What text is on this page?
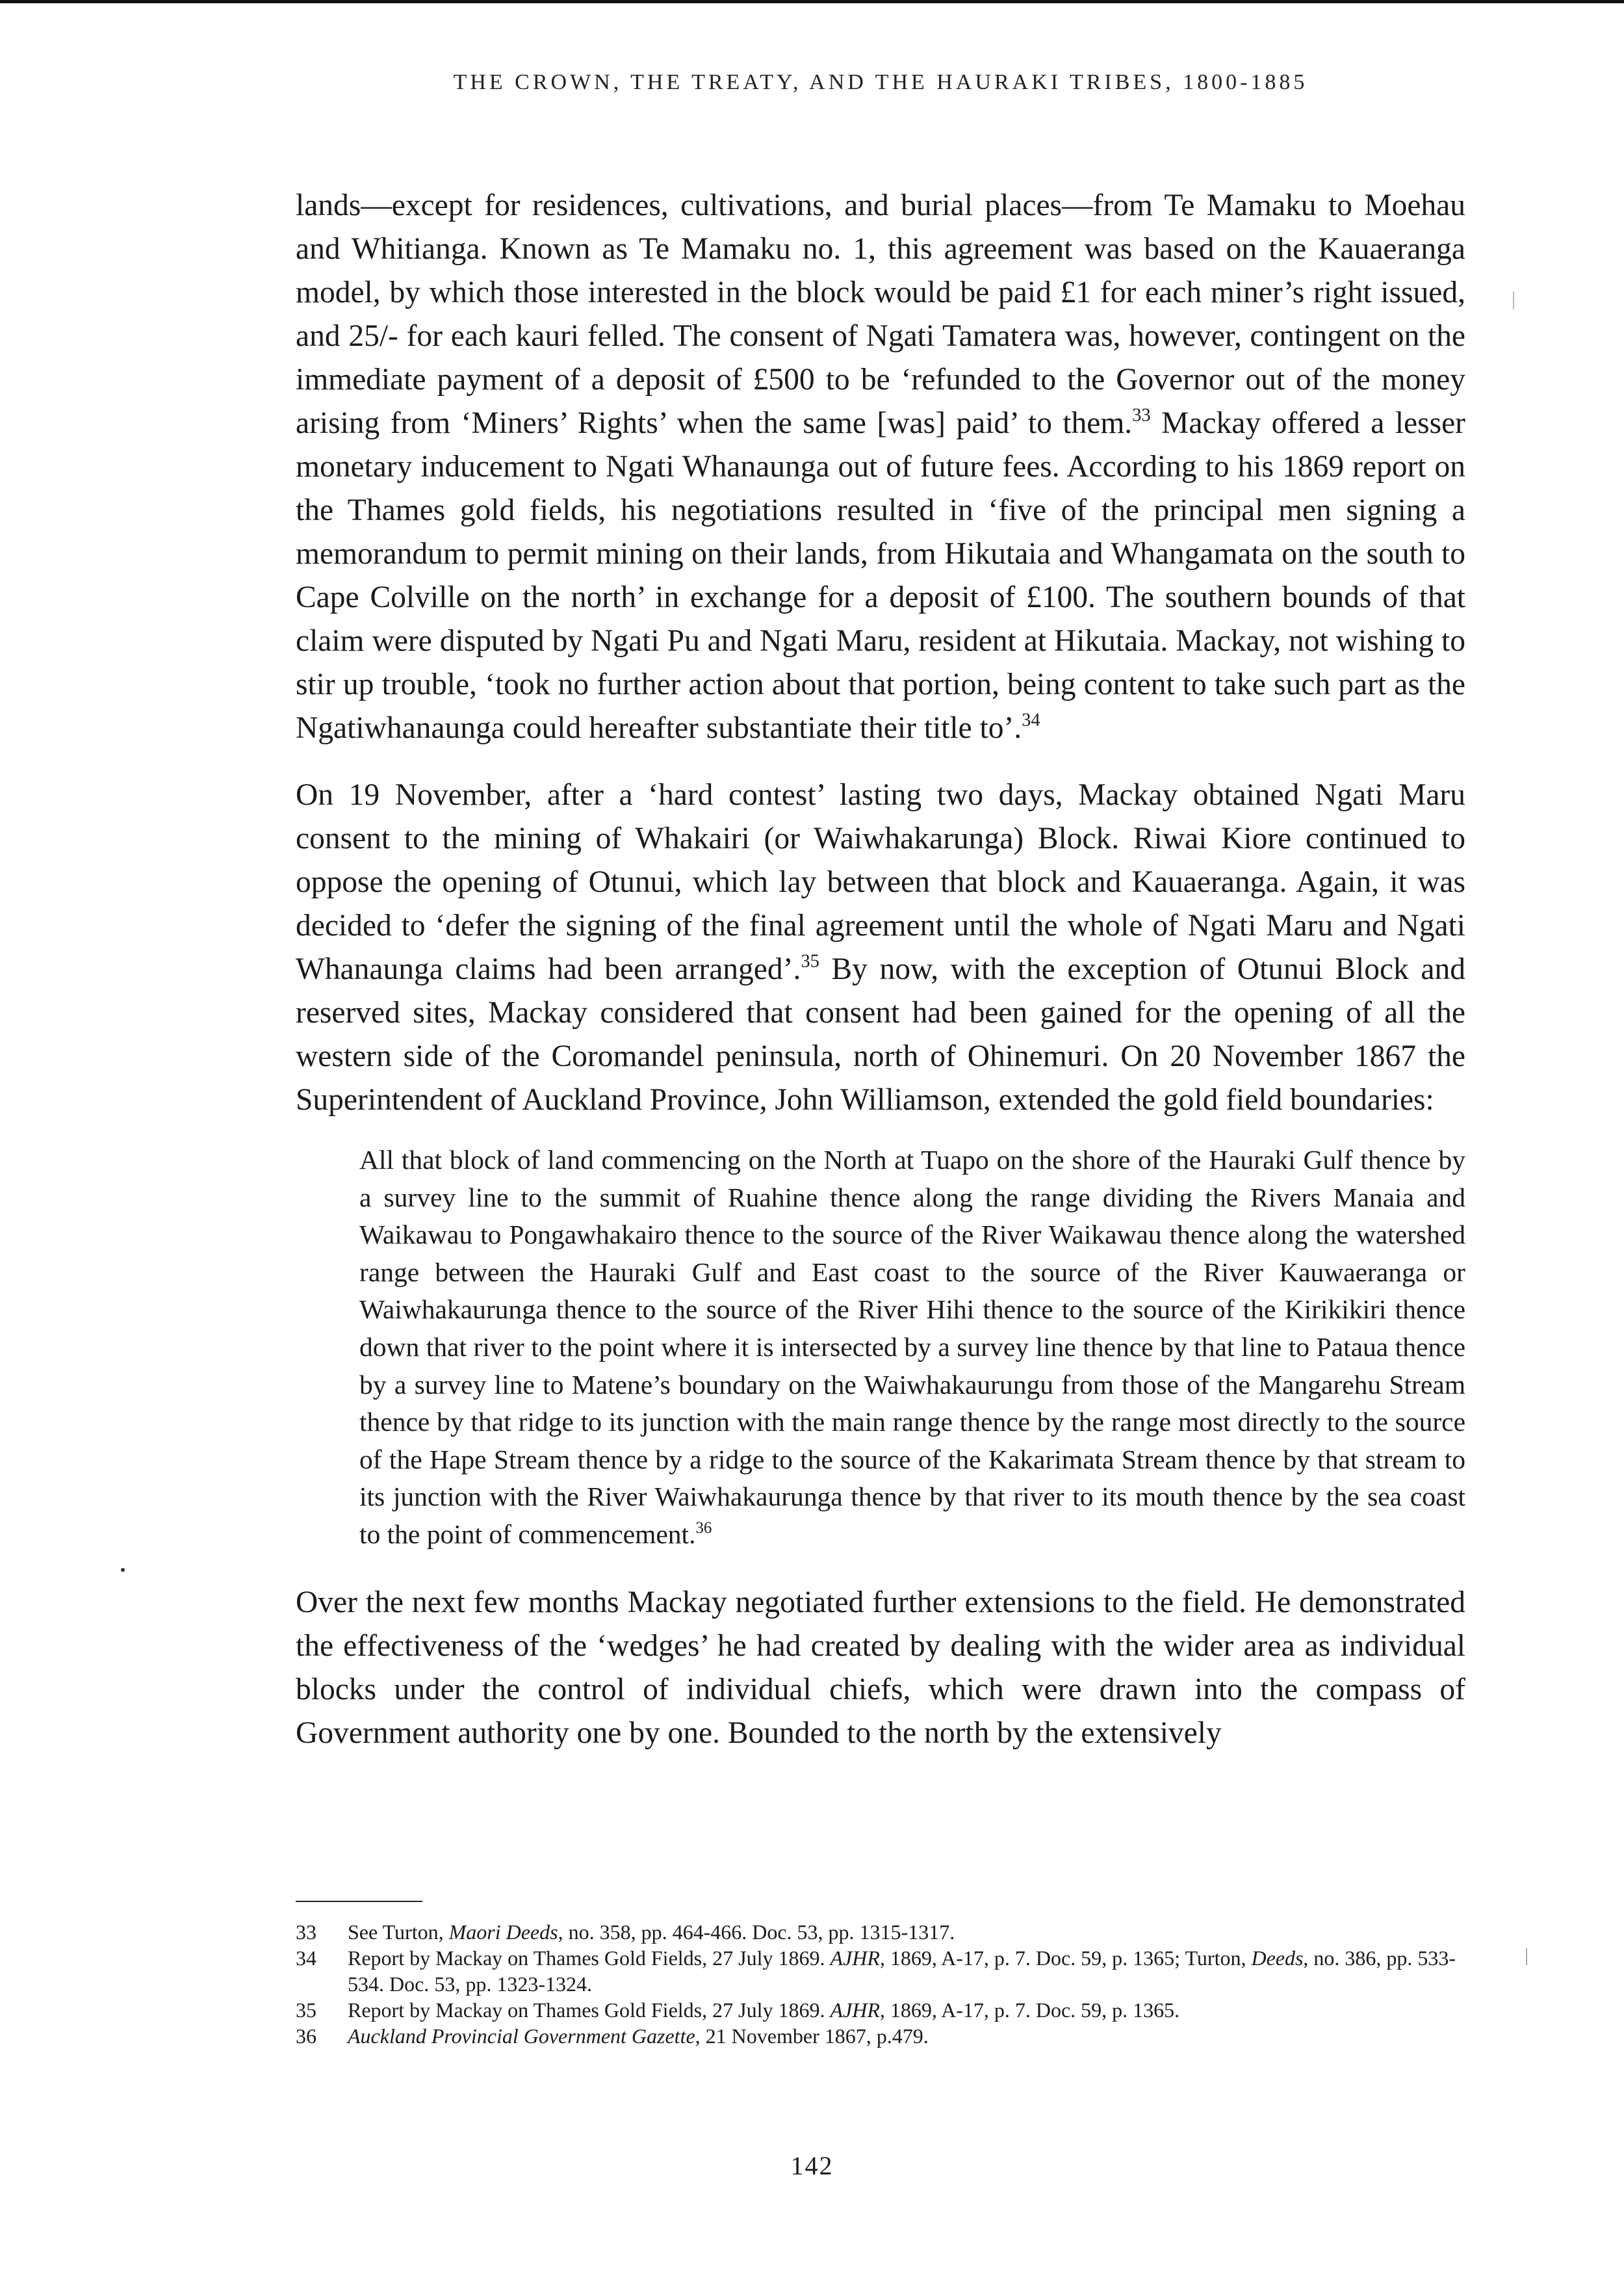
THE CROWN, THE TREATY, AND THE HAURAKI TRIBES, 1800-1885

lands—except for residences, cultivations, and burial places—from Te Mamaku to Moehau and Whitianga. Known as Te Mamaku no. 1, this agreement was based on the Kauaeranga model, by which those interested in the block would be paid £1 for each miner’s right issued, and 25/- for each kauri felled. The consent of Ngati Tamatera was, however, contingent on the immediate payment of a deposit of £500 to be ‘refunded to the Governor out of the money arising from ‘Miners’ Rights’ when the same [was] paid’ to them.$^{33}$ Mackay offered a lesser monetary inducement to Ngati Whanaunga out of future fees. According to his 1869 report on the Thames gold fields, his negotiations resulted in ‘five of the principal men signing a memorandum to permit mining on their lands, from Hikutaia and Whangamata on the south to Cape Colville on the north’ in exchange for a deposit of £100. The southern bounds of that claim were disputed by Ngati Pu and Ngati Maru, resident at Hikutaia. Mackay, not wishing to stir up trouble, ‘took no further action about that portion, being content to take such part as the Ngatiwhanaunga could hereafter substantiate their title to’.$^{34}$

On 19 November, after a ‘hard contest’ lasting two days, Mackay obtained Ngati Maru consent to the mining of Whakairi (or Waiwhakarunga) Block. Riwai Kiore continued to oppose the opening of Otunui, which lay between that block and Kauaeranga. Again, it was decided to ‘defer the signing of the final agreement until the whole of Ngati Maru and Ngati Whanaunga claims had been arranged’.$^{35}$ By now, with the exception of Otunui Block and reserved sites, Mackay considered that consent had been gained for the opening of all the western side of the Coromandel peninsula, north of Ohinemuri. On 20 November 1867 the Superintendent of Auckland Province, John Williamson, extended the gold field boundaries:

All that block of land commencing on the North at Tuapo on the shore of the Hauraki Gulf thence by a survey line to the summit of Ruahine thence along the range dividing the Rivers Manaia and Waikawau to Pongawhakairo thence to the source of the River Waikawau thence along the watershed range between the Hauraki Gulf and East coast to the source of the River Kauwaeranga or Waiwhakaurunga thence to the source of the River Hihi thence to the source of the Kirikikiri thence down that river to the point where it is intersected by a survey line thence by that line to Pataua thence by a survey line to Matene’s boundary on the Waiwhakaurungu from those of the Mangarehu Stream thence by that ridge to its junction with the main range thence by the range most directly to the source of the Hape Stream thence by a ridge to the source of the Kakarimata Stream thence by that stream to its junction with the River Waiwhakaurunga thence by that river to its mouth thence by the sea coast to the point of commencement.$^{36}$

Over the next few months Mackay negotiated further extensions to the field. He demonstrated the effectiveness of the ‘wedges’ he had created by dealing with the wider area as individual blocks under the control of individual chiefs, which were drawn into the compass of Government authority one by one. Bounded to the north by the extensively

33	See Turton, Maori Deeds, no. 358, pp. 464-466. Doc. 53, pp. 1315-1317.
34	Report by Mackay on Thames Gold Fields, 27 July 1869. AJHR, 1869, A-17, p. 7. Doc. 59, p. 1365; Turton, Deeds, no. 386, pp. 533-534. Doc. 53, pp. 1323-1324.
35	Report by Mackay on Thames Gold Fields, 27 July 1869. AJHR, 1869, A-17, p. 7. Doc. 59, p. 1365.
36	Auckland Provincial Government Gazette, 21 November 1867, p.479.
142
